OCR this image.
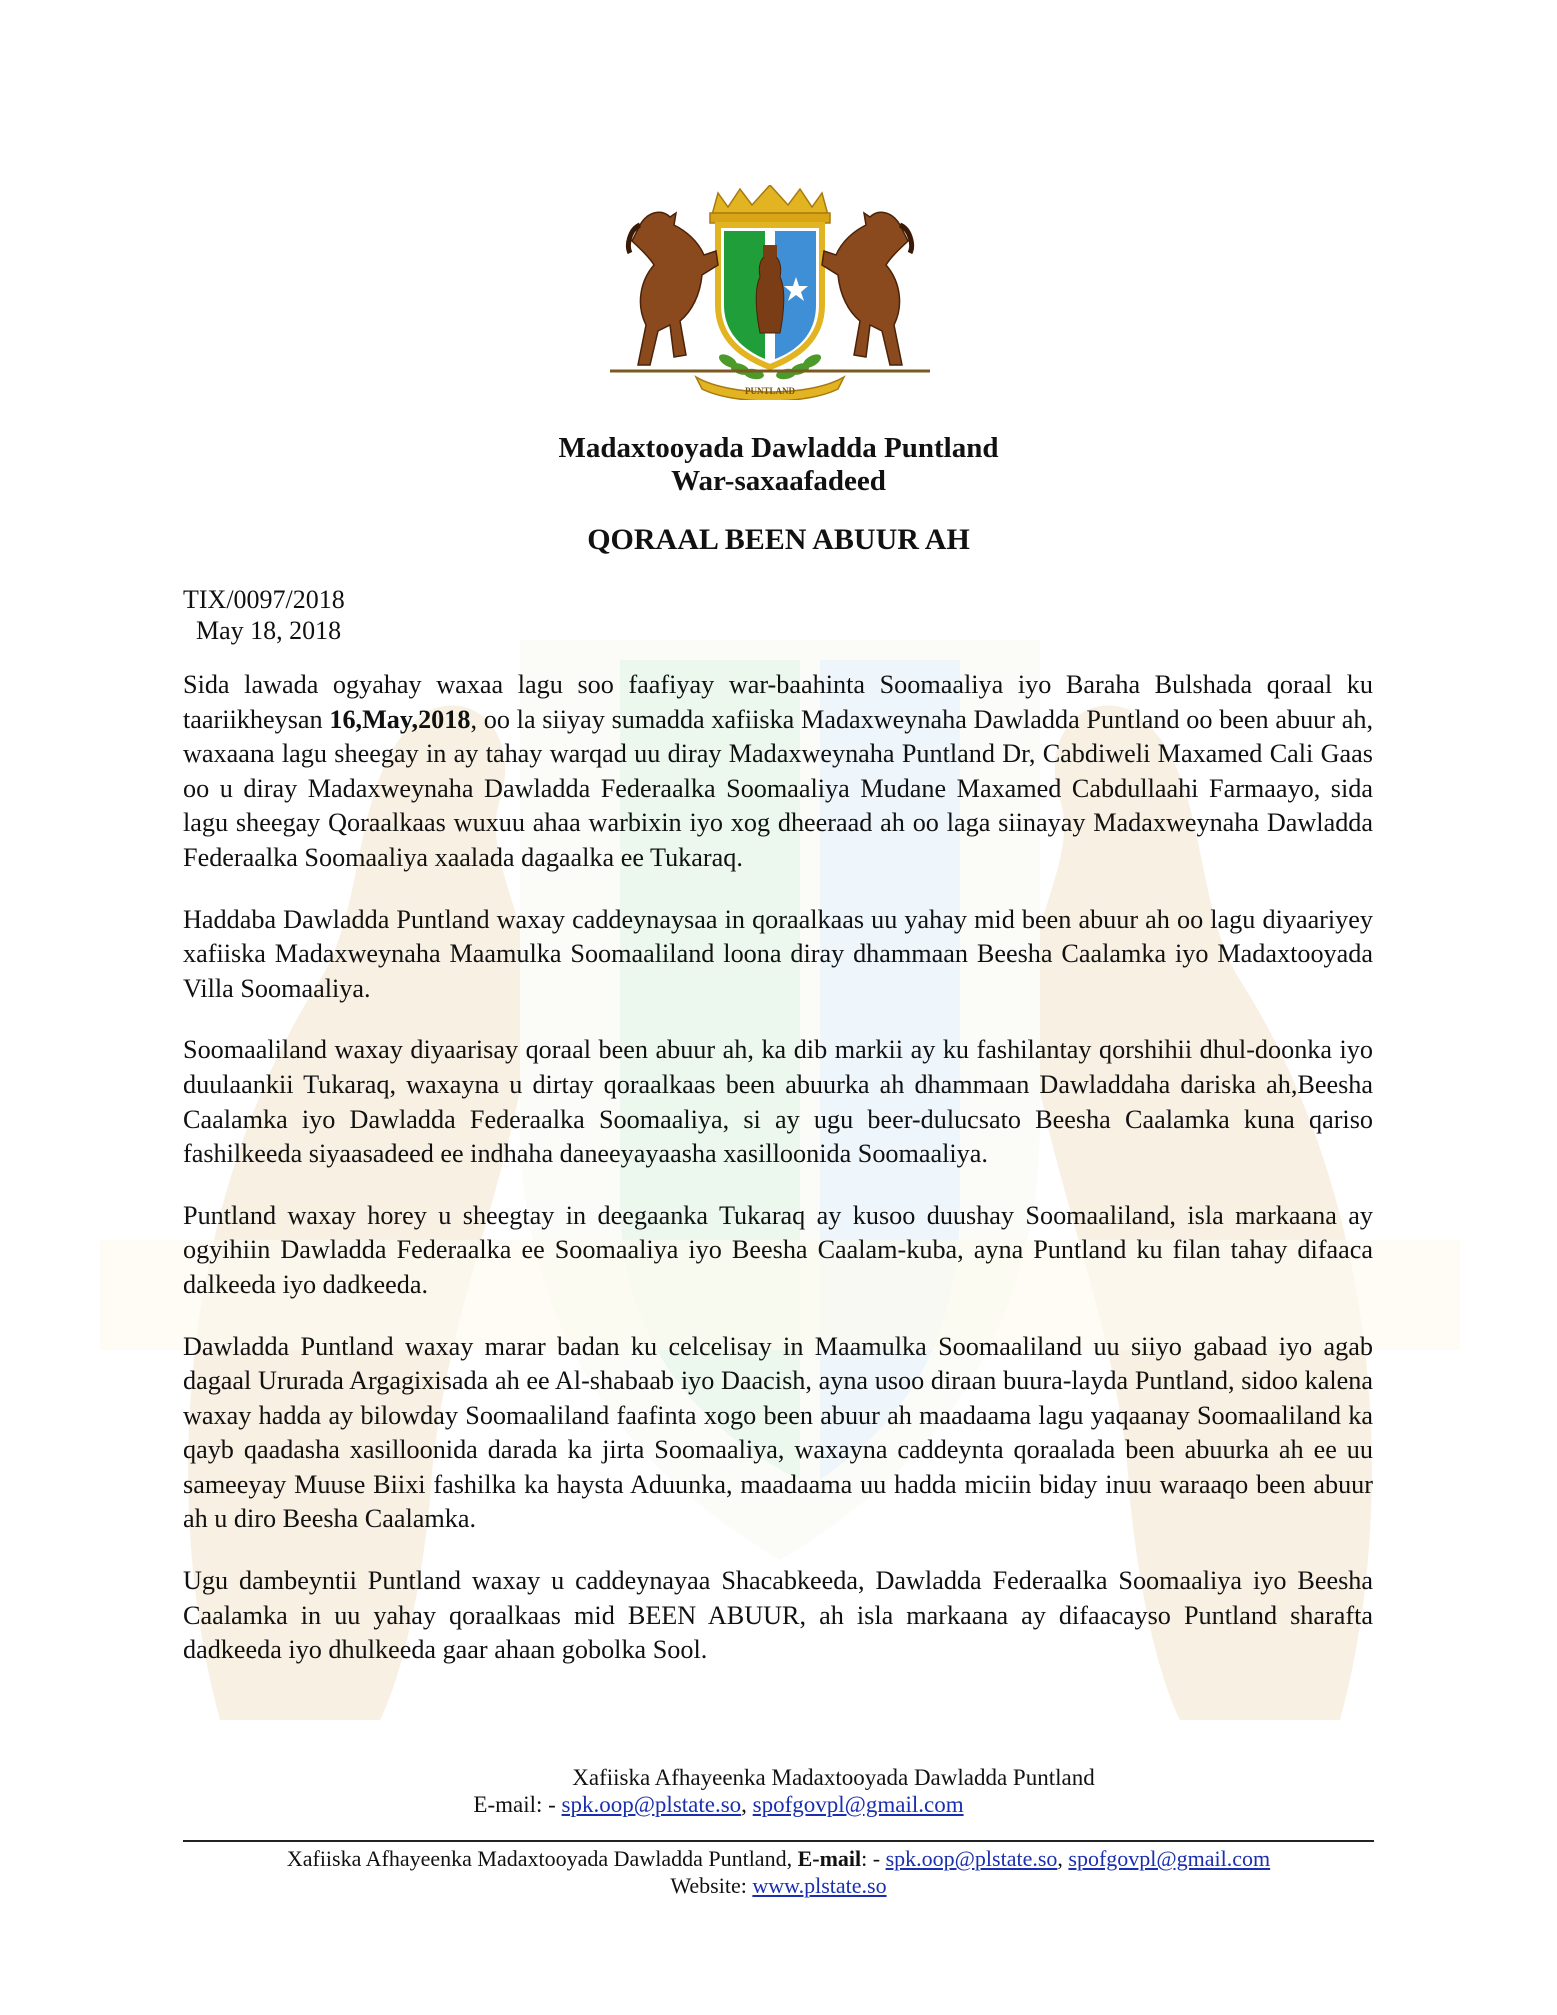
PUNTLAND
Madaxtooyada Dawladda Puntland
War-saxaafadeed
QORAAL BEEN ABUUR AH
TIX/0097/2018
May 18, 2018

Sida lawada ogyahay waxaa lagu soo faafiyay war-baahinta Soomaaliya iyo Baraha Bulshada qoraal ku taariikheysan 16,May,2018, oo la siiyay sumadda xafiiska Madaxweynaha Dawladda Puntland oo been abuur ah, waxaana lagu sheegay in ay tahay warqad uu diray Madaxweynaha Puntland Dr, Cabdiweli Maxamed Cali Gaas oo u diray Madaxweynaha Dawladda Federaalka Soomaaliya Mudane Maxamed Cabdullaahi Farmaayo, sida lagu sheegay Qoraalkaas wuxuu ahaa warbixin iyo xog dheeraad ah oo laga siinayay Madaxweynaha Dawladda Federaalka Soomaaliya xaalada dagaalka ee Tukaraq.

Haddaba Dawladda Puntland waxay caddeynaysaa in qoraalkaas uu yahay mid been abuur ah oo lagu diyaariyey xafiiska Madaxweynaha Maamulka Soomaaliland loona diray dhammaan Beesha Caalamka iyo Madaxtooyada Villa Soomaaliya.

Soomaaliland waxay diyaarisay qoraal been abuur ah, ka dib markii ay ku fashilantay qorshihii dhul-doonka iyo duulaankii Tukaraq, waxayna u dirtay qoraalkaas been abuurka ah dhammaan Dawladdaha dariska ah,Beesha Caalamka iyo Dawladda Federaalka Soomaaliya, si ay ugu beer-dulucsato Beesha Caalamka kuna qariso fashilkeeda siyaasadeed ee indhaha daneeyayaasha xasilloonida Soomaaliya.

Puntland waxay horey u sheegtay in deegaanka Tukaraq ay kusoo duushay Soomaaliland, isla markaana ay ogyihiin Dawladda Federaalka ee Soomaaliya iyo Beesha Caalam-kuba, ayna Puntland ku filan tahay difaaca dalkeeda iyo dadkeeda.

Dawladda Puntland waxay marar badan ku celcelisay in Maamulka Soomaaliland uu siiyo gabaad iyo agab dagaal Ururada Argagixisada ah ee Al-shabaab iyo Daacish, ayna usoo diraan buura-layda Puntland, sidoo kalena waxay hadda ay bilowday Soomaaliland faafinta xogo been abuur ah maadaama lagu yaqaanay Soomaaliland ka qayb qaadasha xasilloonida darada ka jirta Soomaaliya, waxayna caddeynta qoraalada been abuurka ah ee uu sameeyay Muuse Biixi fashilka ka haysta Aduunka, maadaama uu hadda miciin biday inuu waraaqo been abuur ah u diro Beesha Caalamka.

Ugu dambeyntii Puntland waxay u caddeynayaa Shacabkeeda, Dawladda Federaalka Soomaaliya iyo Beesha Caalamka in uu yahay qoraalkaas mid BEEN ABUUR, ah isla markaana ay difaacayso Puntland sharafta dadkeeda iyo dhulkeeda gaar ahaan gobolka Sool.

Xafiiska Afhayeenka Madaxtooyada Dawladda Puntland
E-mail: - spk.oop@plstate.so, spofgovpl@gmail.com
Xafiiska Afhayeenka Madaxtooyada Dawladda Puntland, E-mail: - spk.oop@plstate.so, spofgovpl@gmail.com
Website: www.plstate.so
